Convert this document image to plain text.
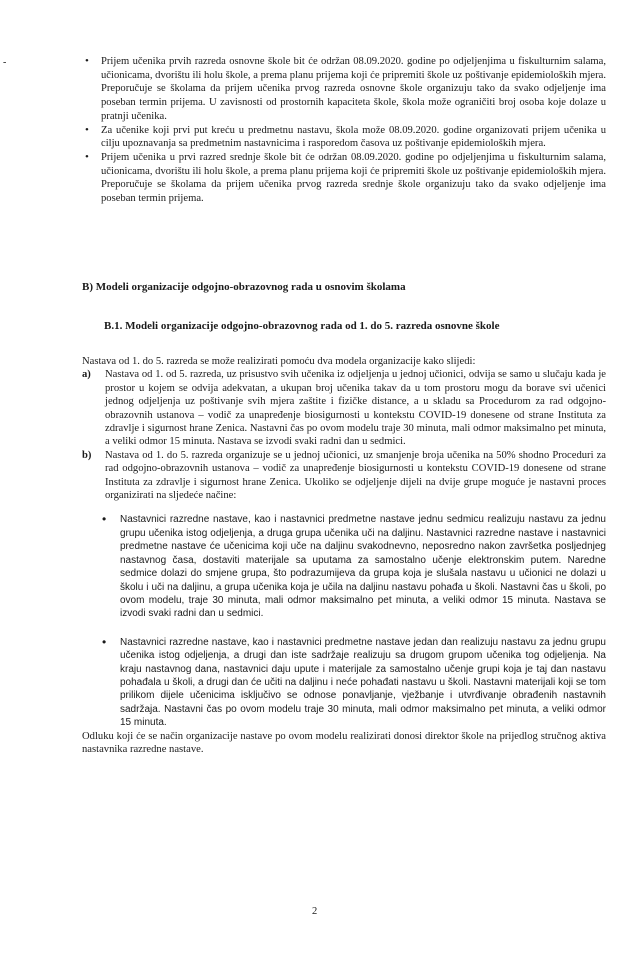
-
•	Prijem učenika prvih razreda osnovne škole bit će održan 08.09.2020. godine po odjeljenjima u fiskulturnim salama, učionicama, dvorištu ili holu škole, a prema planu prijema koji će pripremiti škole uz poštivanje epidemioloških mjera. Preporučuje se školama da prijem učenika prvog razreda osnovne škole organizuju tako da svako odjeljenje ima poseban termin prijema. U zavisnosti od prostornih kapaciteta škole, škola može ograničiti broj osoba koje dolaze u pratnji učenika.
• Za učenike koji prvi put kreću u predmetnu nastavu, škola može 08.09.2020. godine organizovati prijem učenika u cilju upoznavanja sa predmetnim nastavnicima i rasporedom časova uz poštivanje epidemioloških mjera.
• Prijem učenika u prvi razred srednje škole bit će održan 08.09.2020. godine po odjeljenjima u fiskulturnim salama, učionicama, dvorištu ili holu škole, a prema planu prijema koji će pripremiti škole uz poštivanje epidemioloških mjera. Preporučuje se školama da prijem učenika prvog razreda srednje škole organizuju tako da svako odjeljenje ima poseban termin prijema.

B) Modeli organizacije odgojno-obrazovnog rada u osnovim školama

B.1. Modeli organizacije odgojno-obrazovnog rada od 1. do 5. razreda osnovne škole

Nastava od 1. do 5. razreda se može realizirati pomoću dva modela organizacije kako slijedi:

a) Nastava od 1. od 5. razreda, uz prisustvo svih učenika iz odjeljenja u jednoj učionici, odvija se samo u slučaju kada je prostor u kojem se odvija adekvatan, a ukupan broj učenika takav da u tom prostoru mogu da borave svi učenici jednog odjeljenja uz poštivanje svih mjera zaštite i fizičke distance, a u skladu sa Procedurom za rad odgojno-obrazovnih ustanova – vodič za unapređenje biosigurnosti u kontekstu COVID-19 donesene od strane Instituta za zdravlje i sigurnost hrane Zenica. Nastavni čas po ovom modelu traje 30 minuta, mali odmor maksimalno pet minuta, a veliki odmor 15 minuta. Nastava se izvodi svaki radni dan u sedmici.
b) Nastava od 1. do 5. razreda organizuje se u jednoj učionici, uz smanjenje broja učenika na 50% shodno Proceduri za rad odgojno-obrazovnih ustanova – vodič za unapređenje biosigurnosti u kontekstu COVID-19 donesene od strane Instituta za zdravlje i sigurnost hrane Zenica. Ukoliko se odjeljenje dijeli na dvije grupe moguće je nastavni proces organizirati na sljedeće načine:
• Nastavnici razredne nastave, kao i nastavnici predmetne nastave jednu sedmicu realizuju nastavu za jednu grupu učenika istog odjeljenja, a druga grupa učenika uči na daljinu. Nastavnici razredne nastave i nastavnici predmetne nastave će učenicima koji uče na daljinu svakodnevno, neposredno nakon završetka posljednjeg nastavnog časa, dostaviti materijale sa uputama za samostalno učenje elektronskim putem. Naredne sedmice dolazi do smjene grupa, što podrazumijeva da grupa koja je slušala nastavu u učionici ne dolazi u školu i uči na daljinu, a grupa učenika koja je učila na daljinu nastavu pohađa u školi. Nastavni čas u školi, po ovom modelu, traje 30 minuta, mali odmor maksimalno pet minuta, a veliki odmor 15 minuta. Nastava se izvodi svaki radni dan u sedmici.
• Nastavnici razredne nastave, kao i nastavnici predmetne nastave jedan dan realizuju nastavu za jednu grupu učenika istog odjeljenja, a drugi dan iste sadržaje realizuju sa drugom grupom učenika tog odjeljenja. Na kraju nastavnog dana, nastavnici daju upute i materijale za samostalno učenje grupi koja je taj dan nastavu pohađala u školi, a drugi dan će učiti na daljinu i neće pohađati nastavu u školi. Nastavni materijali koji se tom prilikom dijele učenicima isključivo se odnose ponavljanje, vježbanje i utvrđivanje obrađenih nastavnih sadržaja. Nastavni čas po ovom modelu traje 30 minuta, mali odmor maksimalno pet minuta, a veliki odmor 15 minuta.

Odluku koji će se način organizacije nastave po ovom modelu realizirati donosi direktor škole na prijedlog stručnog aktiva nastavnika razredne nastave.

2
